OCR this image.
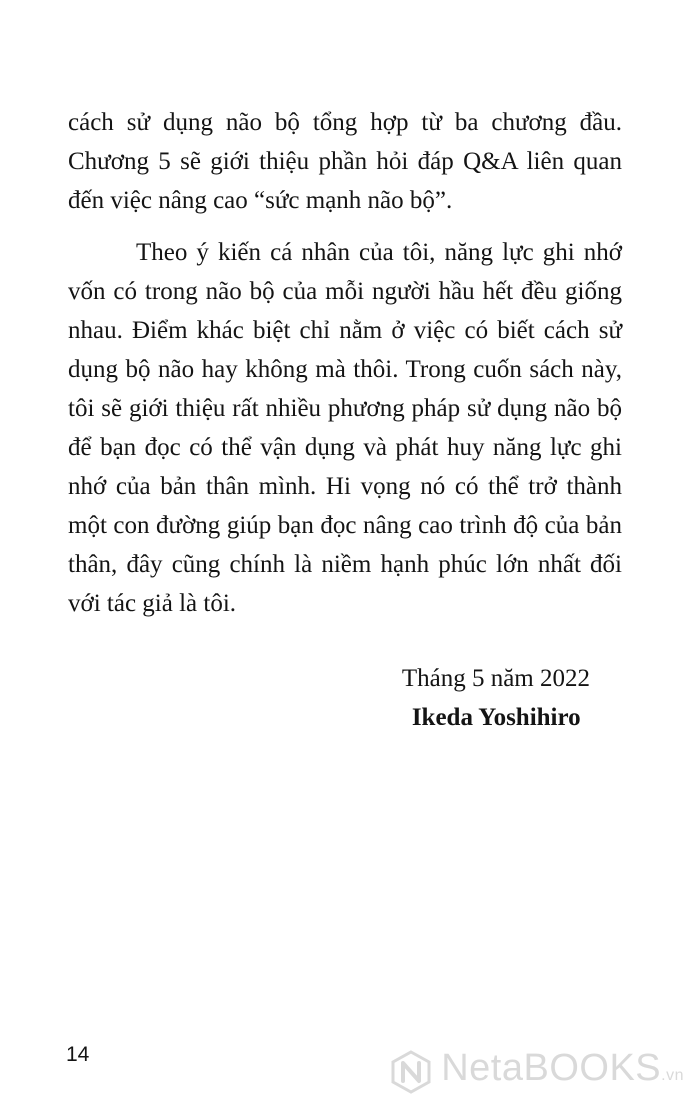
cách sử dụng não bộ tổng hợp từ ba chương đầu. Chương 5 sẽ giới thiệu phần hỏi đáp Q&A liên quan đến việc nâng cao “sức mạnh não bộ”.

Theo ý kiến cá nhân của tôi, năng lực ghi nhớ vốn có trong não bộ của mỗi người hầu hết đều giống nhau. Điểm khác biệt chỉ nằm ở việc có biết cách sử dụng bộ não hay không mà thôi. Trong cuốn sách này, tôi sẽ giới thiệu rất nhiều phương pháp sử dụng não bộ để bạn đọc có thể vận dụng và phát huy năng lực ghi nhớ của bản thân mình. Hi vọng nó có thể trở thành một con đường giúp bạn đọc nâng cao trình độ của bản thân, đây cũng chính là niềm hạnh phúc lớn nhất đối với tác giả là tôi.

Tháng 5 năm 2022
Ikeda Yoshihiro
14	NetaBOOKS.vn
